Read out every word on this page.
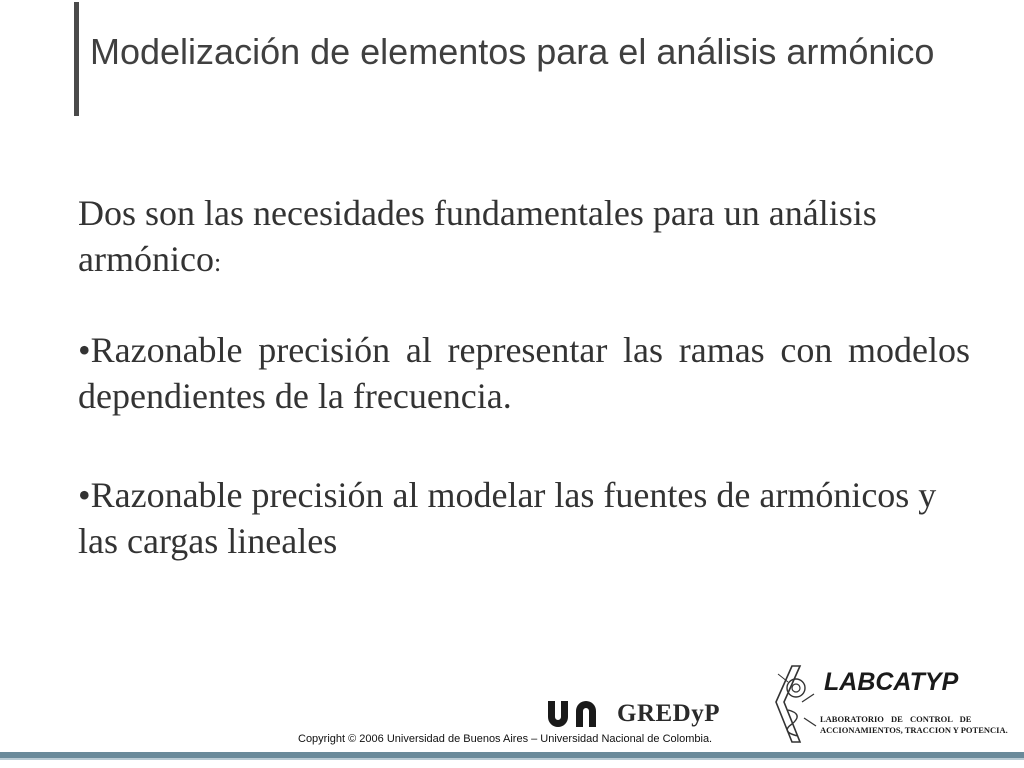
Modelización de elementos para el análisis armónico
Dos son las necesidades fundamentales para un análisis armónico:
•Razonable precisión al representar las ramas con modelos dependientes de la frecuencia.
•Razonable precisión al modelar las fuentes de armónicos y las cargas lineales
GREDyP
Copyright © 2006 Universidad de Buenos Aires – Universidad Nacional de Colombia.
LABCATYP
LABORATORIO DE CONTROL DE
ACCIONAMIENTOS, TRACCION Y POTENCIA.
